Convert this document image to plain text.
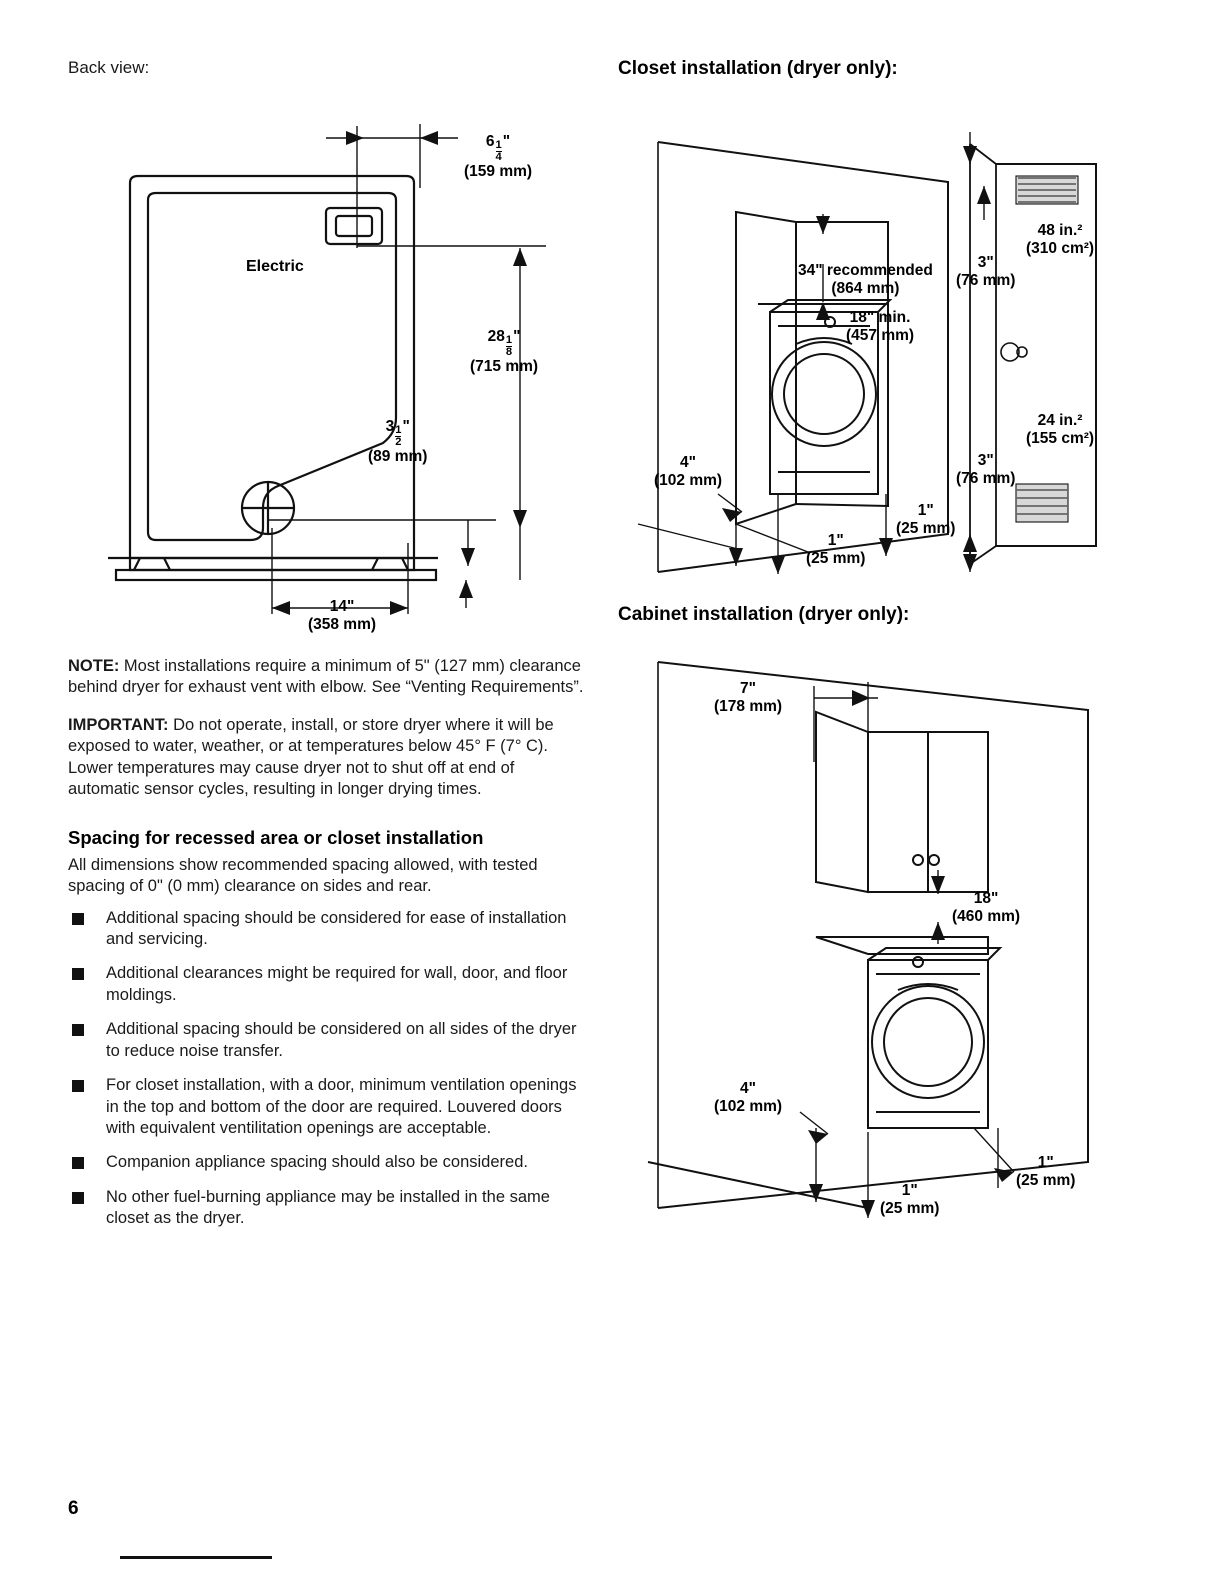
Back view:
$6 \frac{1}{4}$ "
(159 mm)
$28 \frac{1}{8}$ "
(715 mm)
$3 \frac{1}{2}$ "
(89 mm)
14"
(358 mm)
Electric

NOTE: Most installations require a minimum of 5" (127 mm) clearance behind dryer for exhaust vent with elbow. See “Venting Requirements”.

IMPORTANT: Do not operate, install, or store dryer where it will be exposed to water, weather, or at temperatures below 45° F (7° C). Lower temperatures may cause dryer not to shut off at end of automatic sensor cycles, resulting in longer drying times.

Spacing for recessed area or closet installation

All dimensions show recommended spacing allowed, with tested spacing of 0" (0 mm) clearance on sides and rear.

Additional spacing should be considered for ease of installation and servicing.
Additional clearances might be required for wall, door, and floor moldings.
Additional spacing should be considered on all sides of the dryer to reduce noise transfer.
For closet installation, with a door, minimum ventilation openings in the top and bottom of the door are required. Louvered doors with equivalent ventilitation openings are acceptable.
Companion appliance spacing should also be considered.
No other fuel-burning appliance may be installed in the same closet as the dryer.
Closet installation (dryer only):
34" recommended
(864 mm)
18" min.
(457 mm)
4"
(102 mm)
1"
(25 mm)
1"
(25 mm)
3"
(76 mm)
3"
(76 mm)
48 in.²
(310 cm²)
24 in.²
(155 cm²)
Cabinet installation (dryer only):
7"
(178 mm)
18"
(460 mm)
4"
(102 mm)
1"
(25 mm)
1"
(25 mm)
6
